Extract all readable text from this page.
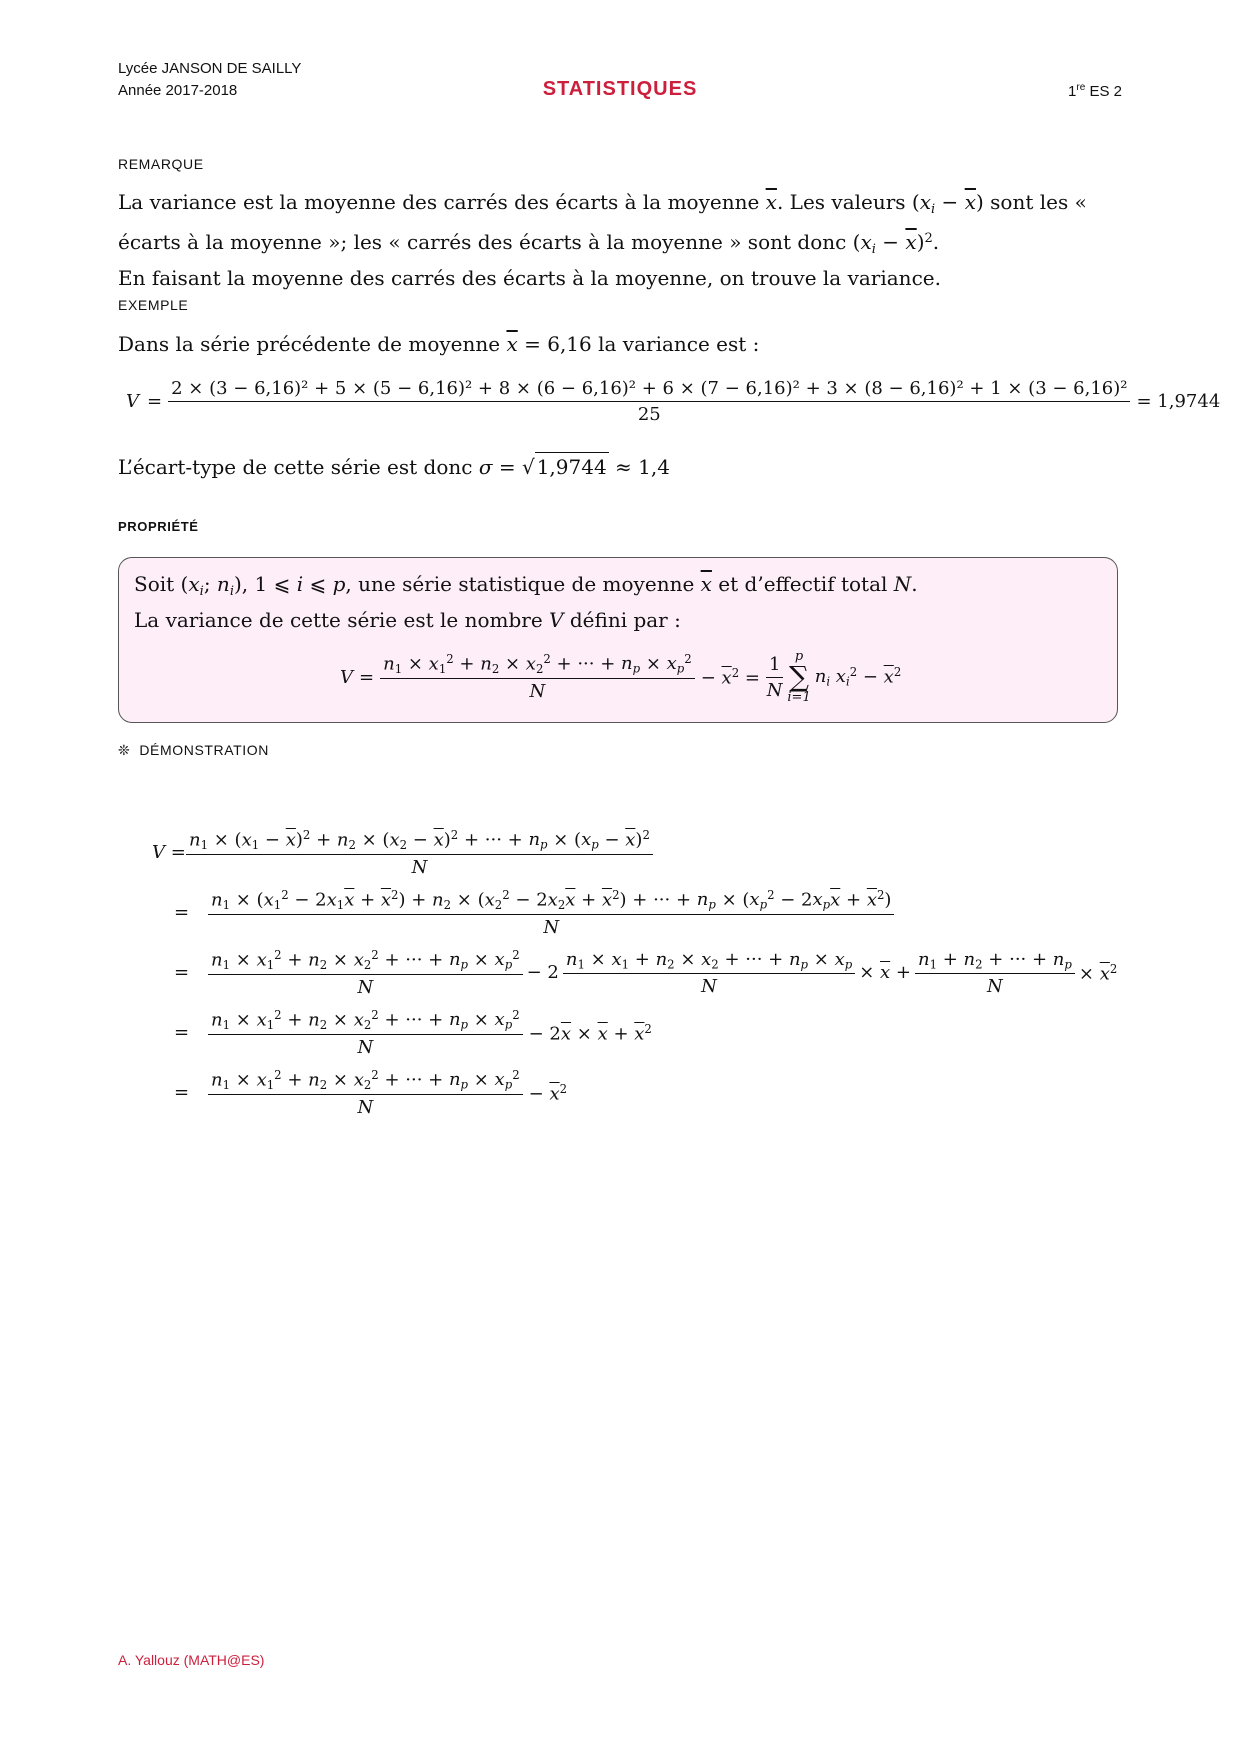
Lycée JANSON DE SAILLY
Année 2017-2018	STATISTIQUES	1re ES 2
REMARQUE
La variance est la moyenne des carrés des écarts à la moyenne $\overline{x}$. Les valeurs $(x_i - \overline{x})$ sont les « écarts à la moyenne »; les « carrés des écarts à la moyenne » sont donc $(x_i - \overline{x})^2$.
En faisant la moyenne des carrés des écarts à la moyenne, on trouve la variance.
EXEMPLE
Dans la série précédente de moyenne $\overline{x} = 6,16$ la variance est :
V =
2 × (3 − 6,16)² + 5 × (5 − 6,16)² + 8 × (6 − 6,16)² + 6 × (7 − 6,16)² + 3 × (8 − 6,16)² + 1 × (3 − 6,16)²
25
= 1,9744
L’écart-type de cette série est donc σ = √ 1,9744 ≈ 1,4
PROPRIÉTÉ
Soit ($x_i$; $n_i$), 1 ⩽ i ⩽ p, une série statistique de moyenne $\overline{x}$ et d’effectif total N.
La variance de cette série est le nombre V défini par :
$V = \frac{n_1 \times x_1^2 + n_2 \times x_2^2 + \cdot\cdot\cdot + n_p \times x_p^2}{N} - \overline{x}^2 = \frac{1}{N}$ p
∑
i=1
$n_i$ $x_i^2 - \overline{x}^2$
❊ DÉMONSTRATION
$V = \frac{n_1 \times (x_1 - \overline{x})^2 + n_2 \times (x_2 - \overline{x})^2 + \cdot\cdot\cdot + n_p \times (x_p - \overline{x})^2}{N}$
=
$n_1 \times (x_1^2 - 2x_1\overline{x} + \overline{x}^2) + n_2 \times (x_2^2 - 2x_2\overline{x} + \overline{x}^2)$ + ··· + $n_p \times (x_p^2 - 2x_p\overline{x} + \overline{x}^2)$
N
=	$\frac{n_1 \times x_1^2 + n_2 \times x_2^2 + \cdot\cdot\cdot + n_p \times x_p^2}{N} - 2 \frac{n_1 \times x_1 + n_2 \times x_2 + \cdot\cdot\cdot + n_p \times x_p}{N} \times \overline{x} + \frac{n_1 + n_2 + \cdot\cdot\cdot + n_p}{N} \times \overline{x}^2$
=	$\frac{n_1 \times x_1^2 + n_2 \times x_2^2 + \cdot\cdot\cdot + n_p \times x_p^2}{N} - 2\overline{x} \times \overline{x} + \overline{x}^2$
=	$\frac{n_1 \times x_1^2 + n_2 \times x_2^2 + \cdot\cdot\cdot + n_p \times x_p^2}{N} - \overline{x}^2$
A. Yallouz (MATH@ES)
